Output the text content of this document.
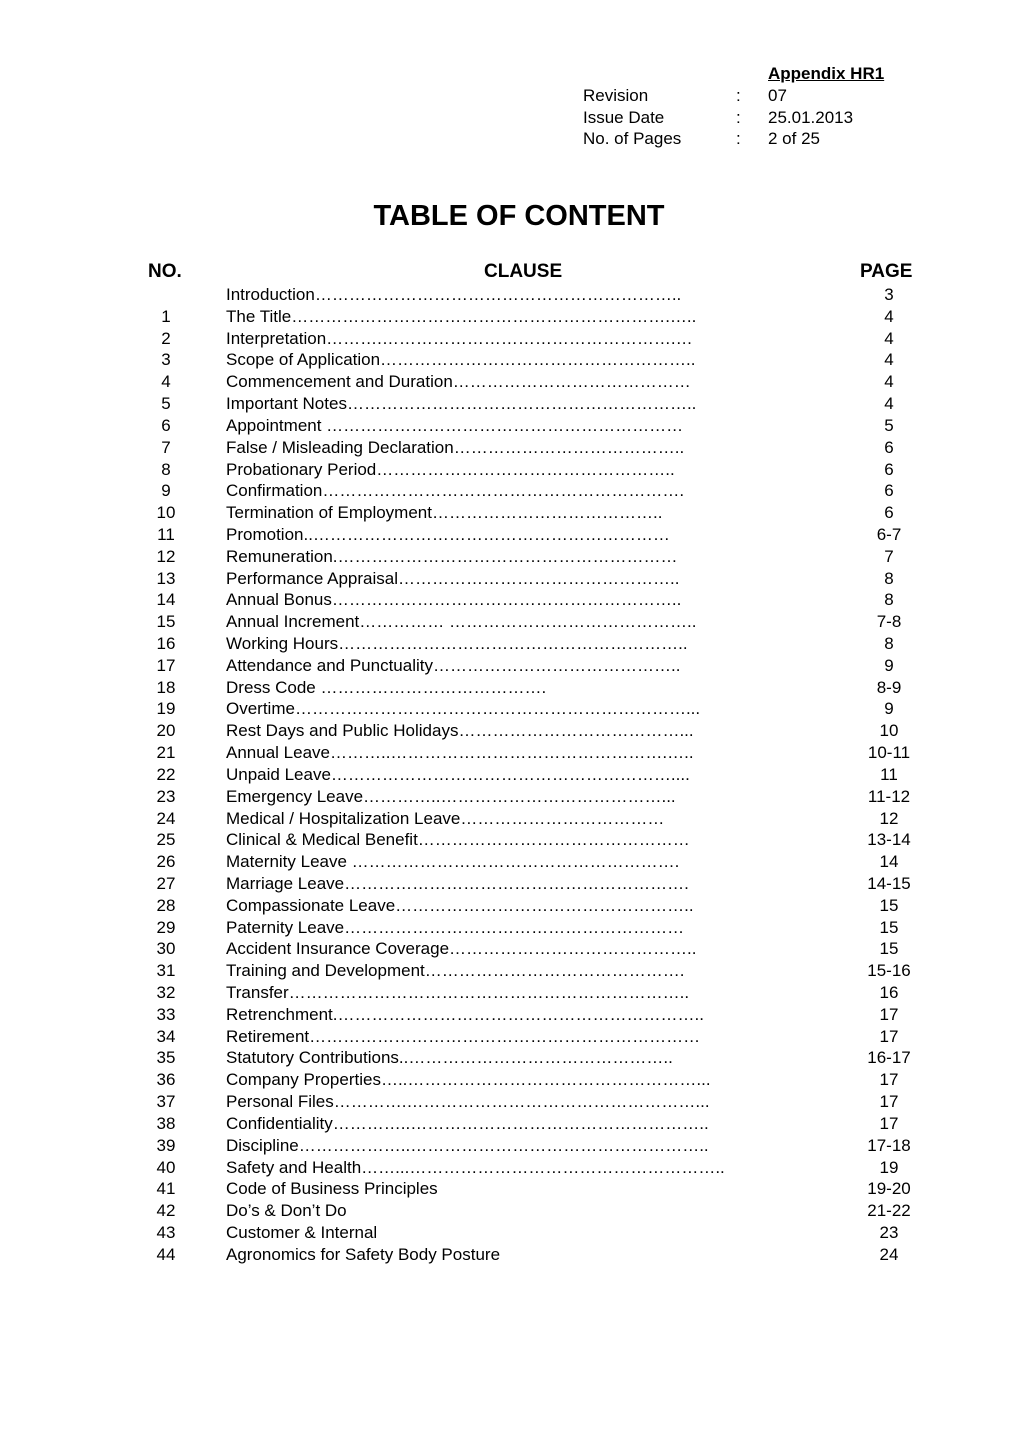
Appendix HR1
Revision	: 07
Issue Date	: 25.01.2013
No. of Pages	: 2 of 25
TABLE OF CONTENT
NO.	CLAUSE	PAGE
Introduction………………………………………………………..	3
1	The Title………………………………………………………….…..	4
2	Interpretation……….…………………………………………….…	4
3	Scope of Application………………………………………………..	4
4	Commencement and Duration……………………………………	4
5	Important Notes……………………………………………………..	4
6	Appointment ………………………………………………………	5
7	False / Misleading Declaration…………………………………..	6
8	Probationary Period……………………………………………..	6
9	Confirmation……………………………………………………….	6
10	Termination of Employment…………………………………..	6
11	Promotion..………………………………………………………	6-7
12	Remuneration.……………………………………………………	7
13	Performance Appraisal…………………………………………..	8
14	Annual Bonus……………………………………………………..	8
15	Annual Increment…………… ……………………………………..	7-8
16	Working Hours……………………………………………………..	8
17	Attendance and Punctuality……………………………………..	9
18	Dress Code ………………………………….	8-9
19	Overtime……………………………………………………………...	9
20	Rest Days and Public Holidays…………………………………...	10
21	Annual Leave………..………………………………………….…..	10-11
22	Unpaid Leave……………………………………………………....	11
23	Emergency Leave…………..…………………………………...	11-12
24	Medical / Hospitalization Leave………………………………	12
25	Clinical & Medical Benefit…………………………………………	13-14
26	Maternity Leave ………………………………………………….	14
27	Marriage Leave…………………………………………………….	14-15
28	Compassionate Leave……………………………………………..	15
29	Paternity Leave……………………………………………………	15
30	Accident Insurance Coverage……………………………………..	15
31	Training and Development……………………………………….	15-16
32	Transfer……………………………………………………………..	16
33	Retrenchment.………………………………………………………..	17
34	Retirement……………………………………………………………	17
35	Statutory Contributions..………………………………………..	16-17
36	Company Properties…..……………………………………………...	17
37	Personal Files………….……………………………………………...	17
38	Confidentiality…………..……………………………………………..	17
39	Discipline………………..……………………………………………..	17-18
40	Safety and Health……...………………………………………………..	19
41	Code of Business Principles	19-20
42	Do’s & Don’t Do	21-22
43	Customer & Internal	23
44	Agronomics for Safety Body Posture	24
